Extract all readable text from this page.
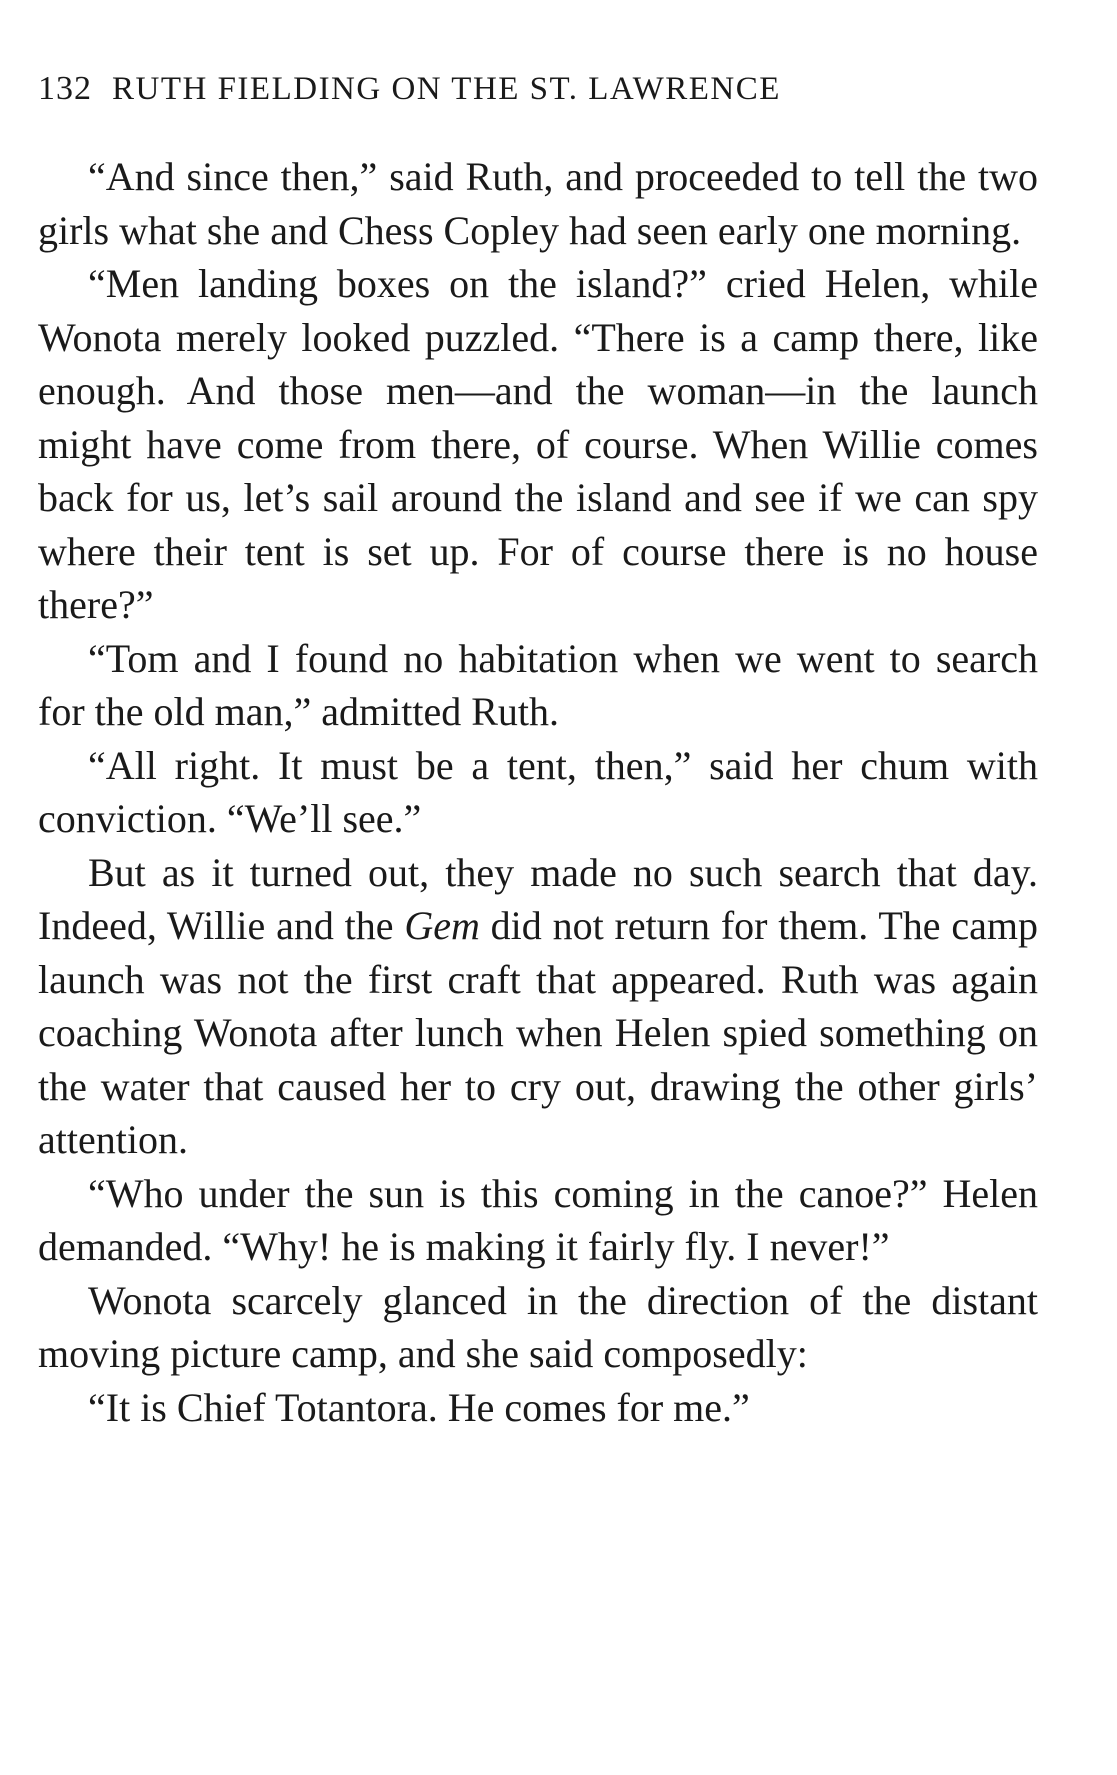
132 RUTH FIELDING ON THE ST. LAWRENCE

“And since then,” said Ruth, and proceeded to tell the two girls what she and Chess Copley had seen early one morning.

“Men landing boxes on the island?” cried Helen, while Wonota merely looked puzzled. “There is a camp there, like enough. And those men—and the woman—in the launch might have come from there, of course. When Willie comes back for us, let’s sail around the island and see if we can spy where their tent is set up. For of course there is no house there?”

“Tom and I found no habitation when we went to search for the old man,” admitted Ruth.

“All right. It must be a tent, then,” said her chum with conviction. “We’ll see.”

But as it turned out, they made no such search that day. Indeed, Willie and the Gem did not return for them. The camp launch was not the first craft that appeared. Ruth was again coaching Wonota after lunch when Helen spied something on the water that caused her to cry out, drawing the other girls’ attention.

“Who under the sun is this coming in the canoe?” Helen demanded. “Why! he is making it fairly fly. I never!”

Wonota scarcely glanced in the direction of the distant moving picture camp, and she said composedly:

“It is Chief Totantora. He comes for me.”
